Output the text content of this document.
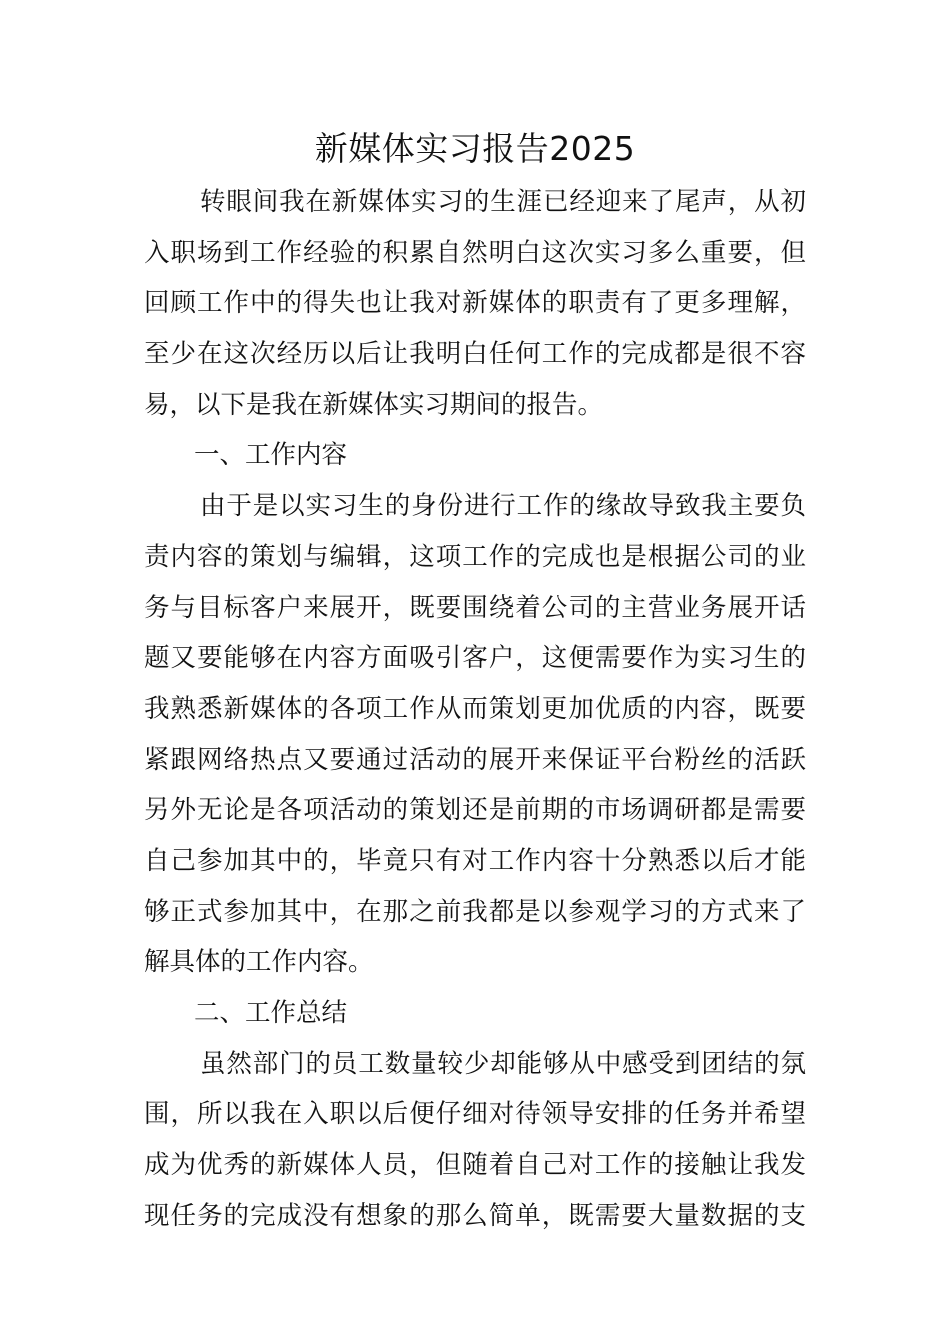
新媒体实习报告2025
转眼间我在新媒体实习的生涯已经迎来了尾声，从初
入职场到工作经验的积累自然明白这次实习多么重要，但
回顾工作中的得失也让我对新媒体的职责有了更多理解，
至少在这次经历以后让我明白任何工作的完成都是很不容
易，以下是我在新媒体实习期间的报告。
一、工作内容
由于是以实习生的身份进行工作的缘故导致我主要负
责内容的策划与编辑，这项工作的完成也是根据公司的业
务与目标客户来展开，既要围绕着公司的主营业务展开话
题又要能够在内容方面吸引客户，这便需要作为实习生的
我熟悉新媒体的各项工作从而策划更加优质的内容，既要
紧跟网络热点又要通过活动的展开来保证平台粉丝的活跃
另外无论是各项活动的策划还是前期的市场调研都是需要
自己参加其中的，毕竟只有对工作内容十分熟悉以后才能
够正式参加其中，在那之前我都是以参观学习的方式来了
解具体的工作内容。
二、工作总结
虽然部门的员工数量较少却能够从中感受到团结的氛
围，所以我在入职以后便仔细对待领导安排的任务并希望
成为优秀的新媒体人员，但随着自己对工作的接触让我发
现任务的完成没有想象的那么简单，既需要大量数据的支
